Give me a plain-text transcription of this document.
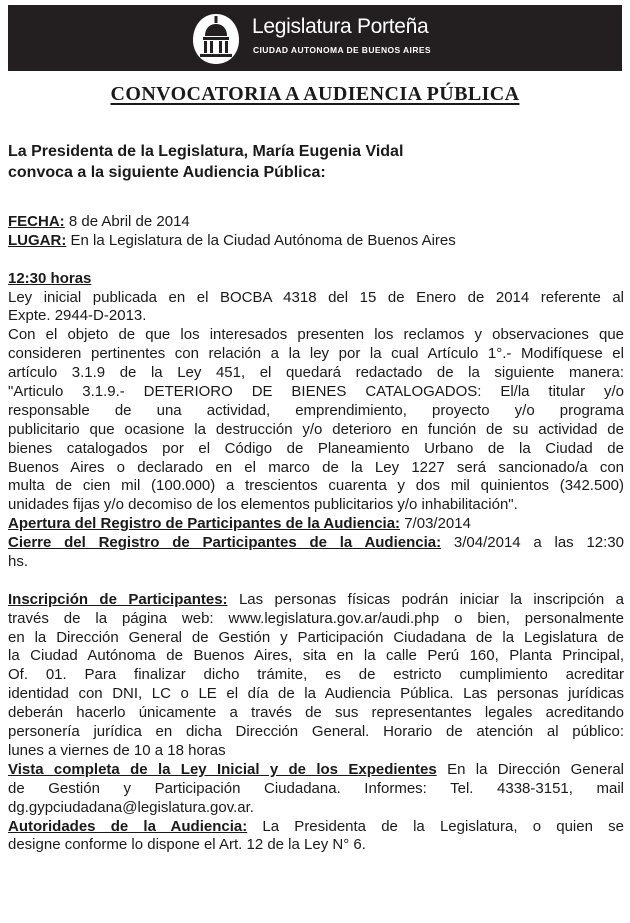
Legislatura Porteña
CIUDAD AUTONOMA DE BUENOS AIRES
CONVOCATORIA A AUDIENCIA PÚBLICA
La Presidenta de la Legislatura, María Eugenia Vidal
convoca a la siguiente Audiencia Pública:
FECHA: 8 de Abril de 2014
LUGAR: En la Legislatura de la Ciudad Autónoma de Buenos Aires
12:30 horas
Ley inicial publicada en el BOCBA 4318 del 15 de Enero de 2014 referente al
Expte. 2944-D-2013.
Con el objeto de que los interesados presenten los reclamos y observaciones que
consideren pertinentes con relación a la ley por la cual Artículo 1°.- Modifíquese el
artículo 3.1.9 de la Ley 451, el quedará redactado de la siguiente manera:
"Articulo 3.1.9.- DETERIORO DE BIENES CATALOGADOS: El/la titular y/o
responsable de una actividad, emprendimiento, proyecto y/o programa
publicitario que ocasione la destrucción y/o deterioro en función de su actividad de
bienes catalogados por el Código de Planeamiento Urbano de la Ciudad de
Buenos Aires o declarado en el marco de la Ley 1227 será sancionado/a con
multa de cien mil (100.000) a trescientos cuarenta y dos mil quinientos (342.500)
unidades fijas y/o decomiso de los elementos publicitarios y/o inhabilitación".
Apertura del Registro de Participantes de la Audiencia: 7/03/2014
Cierre del Registro de Participantes de la Audiencia: 3/04/2014 a las 12:30
hs.
Inscripción de Participantes: Las personas físicas podrán iniciar la inscripción a
través de la página web: www.legislatura.gov.ar/audi.php o bien, personalmente
en la Dirección General de Gestión y Participación Ciudadana de la Legislatura de
la Ciudad Autónoma de Buenos Aires, sita en la calle Perú 160, Planta Principal,
Of. 01. Para finalizar dicho trámite, es de estricto cumplimiento acreditar
identidad con DNI, LC o LE el día de la Audiencia Pública. Las personas jurídicas
deberán hacerlo únicamente a través de sus representantes legales acreditando
personería jurídica en dicha Dirección General. Horario de atención al público:
lunes a viernes de 10 a 18 horas
Vista completa de la Ley Inicial y de los Expedientes En la Dirección General
de Gestión y Participación Ciudadana. Informes: Tel. 4338-3151, mail
dg.gypciudadana@legislatura.gov.ar.
Autoridades de la Audiencia: La Presidenta de la Legislatura, o quien se
designe conforme lo dispone el Art. 12 de la Ley N° 6.
